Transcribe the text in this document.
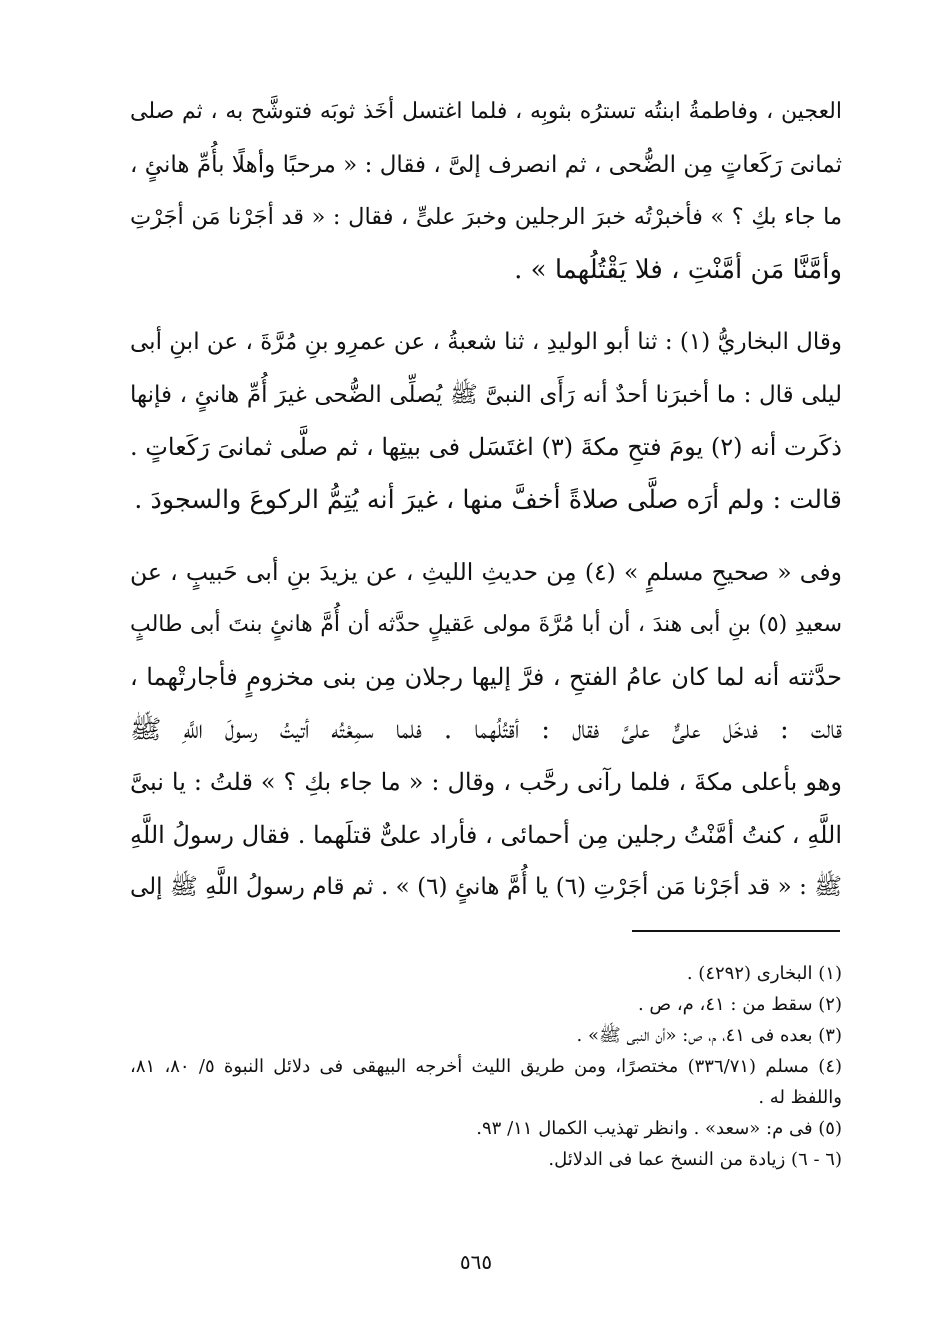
العجين ، وفاطمةُ ابنتُه تسترُه بثوبِه ، فلما اغتسل أخَذ ثوبَه فتوشَّح به ، ثم صلى
ثمانىَ رَكَعاتٍ مِن الضُّحى ، ثم انصرف إلىَّ ، فقال : « مرحبًا وأهلًا بأُمِّ هانئٍ ،
ما جاء بكِ ؟ » فأخبرْتُه خبرَ الرجلين وخبرَ علىٍّ ، فقال : « قد أجَرْنا مَن أجَرْتِ
وأمَّنَّا مَن أمَّنْتِ ، فلا يَقْتُلُهما » .
وقال البخاريُّ (١) : ثنا أبو الوليدِ ، ثنا شعبةُ ، عن عمرِو بنِ مُرَّةَ ، عن ابنِ أبى
ليلى قال : ما أخبرَنا أحدٌ أنه رَأَى النبىَّ ﷺ يُصلِّى الضُّحى غيرَ أُمِّ هانئٍ ، فإنها
ذكَرت أنه (٢) يومَ فتحِ مكةَ (٣) اغتَسَل فى بيتِها ، ثم صلَّى ثمانىَ رَكَعاتٍ .
قالت : ولم أرَه صلَّى صلاةً أخفَّ منها ، غيرَ أنه يُتِمُّ الركوعَ والسجودَ .
وفى « صحيحِ مسلمٍ » (٤) مِن حديثِ الليثِ ، عن يزيدَ بنِ أبى حَبيبٍ ، عن
سعيدِ (٥) بنِ أبى هندَ ، أن أبا مُرَّةَ مولى عَقيلٍ حدَّثه أن أُمَّ هانئٍ بنتَ أبى طالبٍ
حدَّثته أنه لما كان عامُ الفتحِ ، فرَّ إليها رجلان مِن بنى مخزومٍ فأجارتْهما ،
قالت : فدخَل علىٌّ علىَّ فقال : أقتُلُهما . فلما سمِعْتُه أتيتُ رسولَ اللَّهِ ﷺ
وهو بأعلى مكةَ ، فلما رآنى رحَّب ، وقال : « ما جاء بكِ ؟ » قلتُ : يا نبىَّ
اللَّهِ ، كنتُ أمَّنْتُ رجلين مِن أحمائى ، فأراد علىٌّ قتلَهما . فقال رسولُ اللَّهِ
ﷺ : « قد أجَرْنا مَن أجَرْتِ (٦) يا أُمَّ هانئٍ (٦) » . ثم قام رسولُ اللَّهِ ﷺ إلى
(١) البخارى (٤٢٩٢) .
(٢) سقط من : ٤١، م، ص .
(٣) بعده فى ٤١، م، ص: «أن النبى ﷺ» .
(٤) مسلم (٣٣٦/٧١) مختصرًا، ومن طريق الليث أخرجه البيهقى فى دلائل النبوة ٥/ ٨٠، ٨١،
واللفظ له .
(٥) فى م: «سعد» . وانظر تهذيب الكمال ١١/ ٩٣.
(٦ - ٦) زيادة من النسخ عما فى الدلائل.
٥٦٥
